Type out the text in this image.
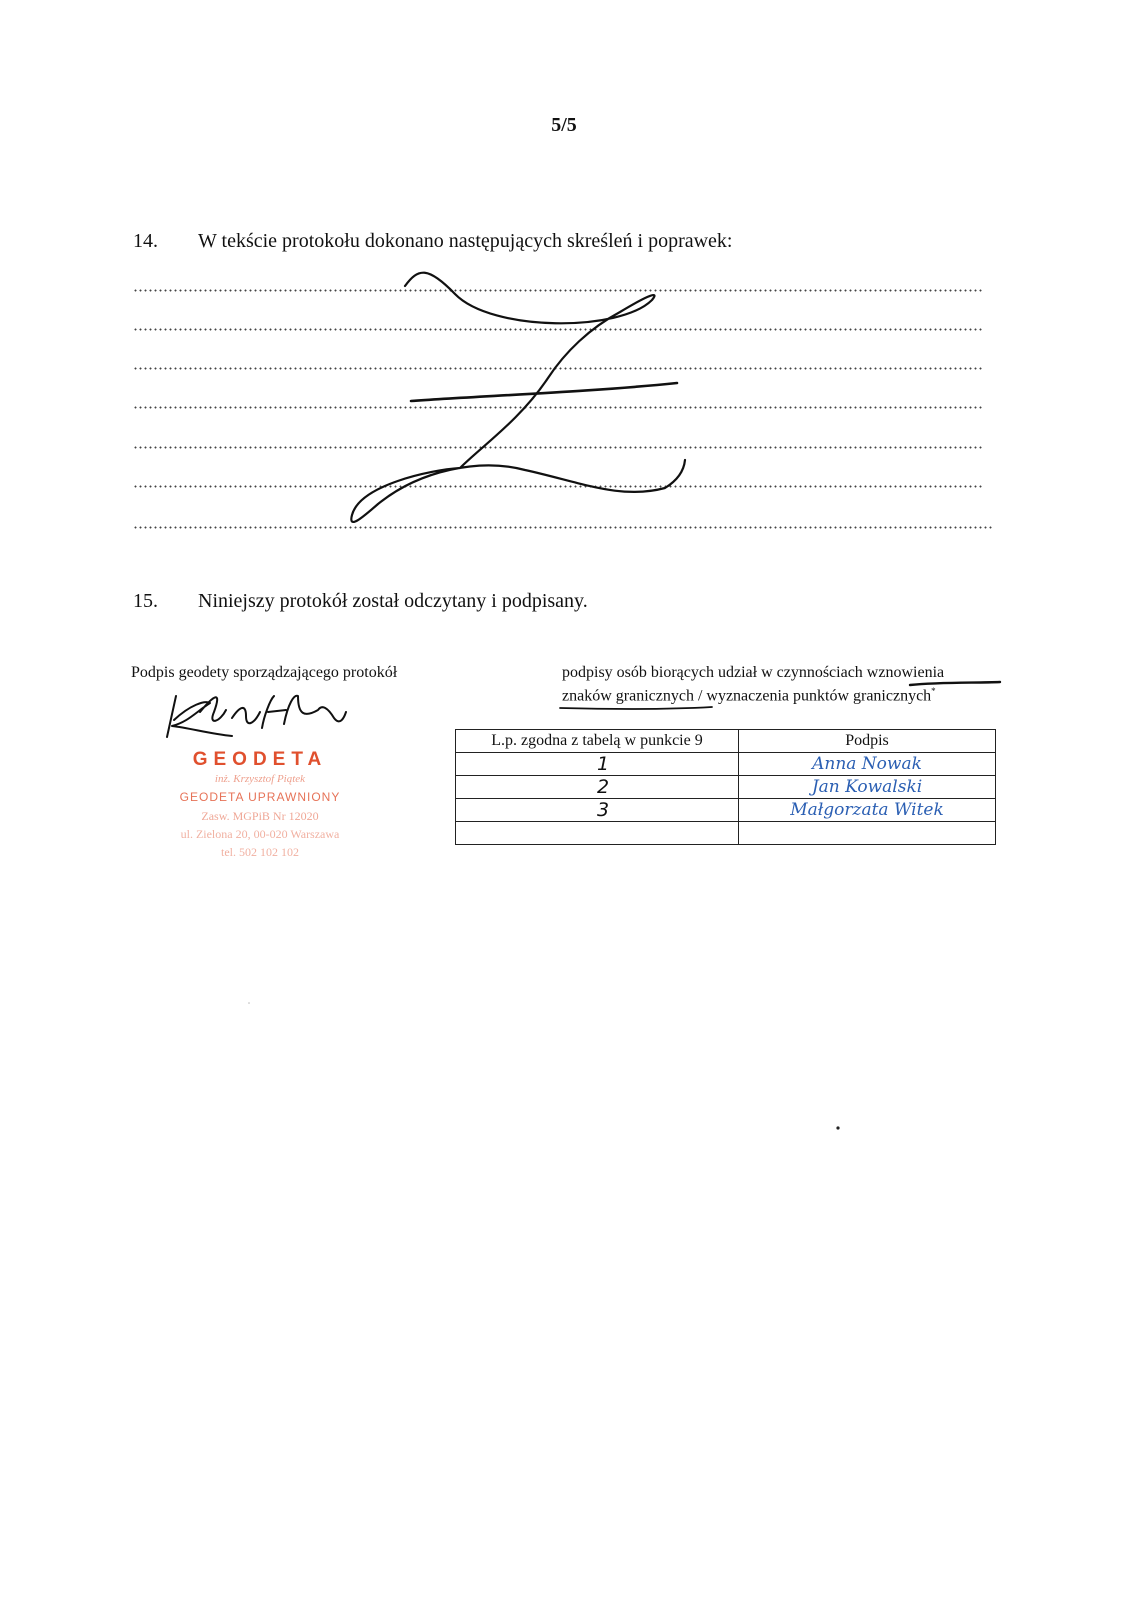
5/5
14. W tekście protokołu dokonano następujących skreśleń i poprawek:
15. Niniejszy protokół został odczytany i podpisany.
Podpis geodety sporządzającego protokół	podpisy osób biorących udział w czynnościach wznowienia
znaków granicznych / wyznaczenia punktów granicznych*
GEODETA
inż. Krzysztof Piątek
GEODETA UPRAWNIONY
Zasw. MGPiB Nr 12020
ul. Zielona 20, 00-020 Warszawa
tel. 502 102 102
L.p. zgodna z tabelą w punkcie 9	Podpis
1	Anna Nowak
2	Jan Kowalski
3	Małgorzata Witek
